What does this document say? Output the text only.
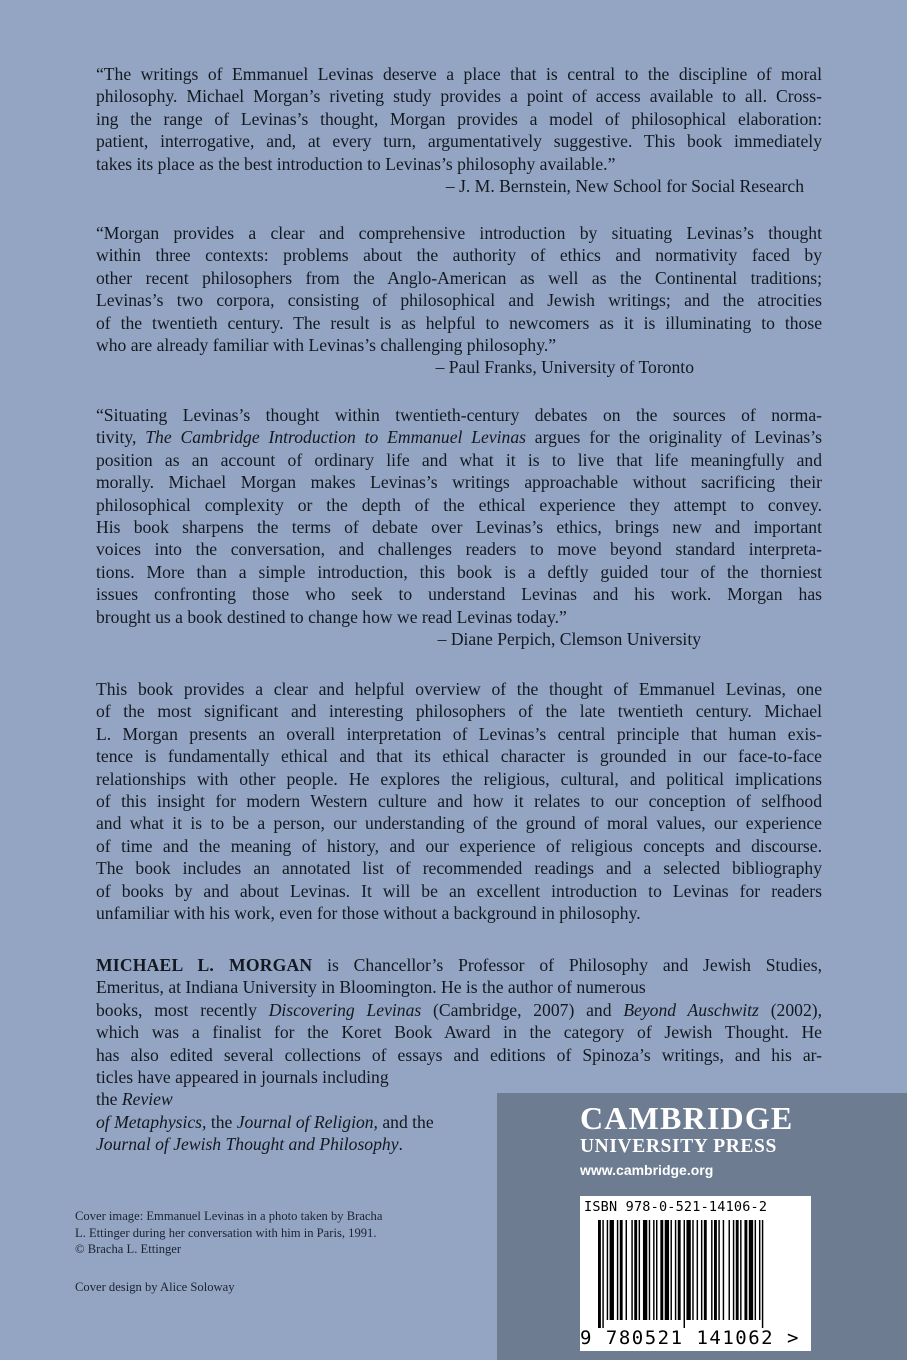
“The writings of Emmanuel Levinas deserve a place that is central to the discipline of moral
philosophy. Michael Morgan’s riveting study provides a point of access available to all. Cross-
ing the range of Levinas’s thought, Morgan provides a model of philosophical elaboration:
patient, interrogative, and, at every turn, argumentatively suggestive. This book immediately
takes its place as the best introduction to Levinas’s philosophy available.”
– J. M. Bernstein, New School for Social Research
“Morgan provides a clear and comprehensive introduction by situating Levinas’s thought
within three contexts: problems about the authority of ethics and normativity faced by
other recent philosophers from the Anglo-American as well as the Continental traditions;
Levinas’s two corpora, consisting of philosophical and Jewish writings; and the atrocities
of the twentieth century. The result is as helpful to newcomers as it is illuminating to those
who are already familiar with Levinas’s challenging philosophy.”
– Paul Franks, University of Toronto
“Situating Levinas’s thought within twentieth-century debates on the sources of norma-
tivity, The Cambridge Introduction to Emmanuel Levinas argues for the originality of Levinas’s
position as an account of ordinary life and what it is to live that life meaningfully and
morally. Michael Morgan makes Levinas’s writings approachable without sacrificing their
philosophical complexity or the depth of the ethical experience they attempt to convey.
His book sharpens the terms of debate over Levinas’s ethics, brings new and important
voices into the conversation, and challenges readers to move beyond standard interpreta-
tions. More than a simple introduction, this book is a deftly guided tour of the thorniest
issues confronting those who seek to understand Levinas and his work. Morgan has
brought us a book destined to change how we read Levinas today.”
– Diane Perpich, Clemson University
This book provides a clear and helpful overview of the thought of Emmanuel Levinas, one
of the most significant and interesting philosophers of the late twentieth century. Michael
L. Morgan presents an overall interpretation of Levinas’s central principle that human exis-
tence is fundamentally ethical and that its ethical character is grounded in our face-to-face
relationships with other people. He explores the religious, cultural, and political implications
of this insight for modern Western culture and how it relates to our conception of selfhood
and what it is to be a person, our understanding of the ground of moral values, our experience
of time and the meaning of history, and our experience of religious concepts and discourse.
The book includes an annotated list of recommended readings and a selected bibliography
of books by and about Levinas. It will be an excellent introduction to Levinas for readers
unfamiliar with his work, even for those without a background in philosophy.
MICHAEL L. MORGAN is Chancellor’s Professor of Philosophy and Jewish Studies,
Emeritus, at Indiana University in Bloomington. He is the author of numerous
books, most recently Discovering Levinas (Cambridge, 2007) and Beyond Auschwitz (2002),
which was a finalist for the Koret Book Award in the category of Jewish Thought. He
has also edited several collections of essays and editions of Spinoza’s writings, and his ar-
ticles have appeared in journals including
the Review
of Metaphysics, the Journal of Religion, and the
Journal of Jewish Thought and Philosophy.

Cover image: Emmanuel Levinas in a photo taken by Bracha

L. Ettinger during her conversation with him in Paris, 1991.

© Bracha L. Ettinger

Cover design by Alice Soloway

CAMBRIDGE
UNIVERSITY PRESS
www.cambridge.org
ISBN 978-0-521-14106-2
9 780521 141062 >
